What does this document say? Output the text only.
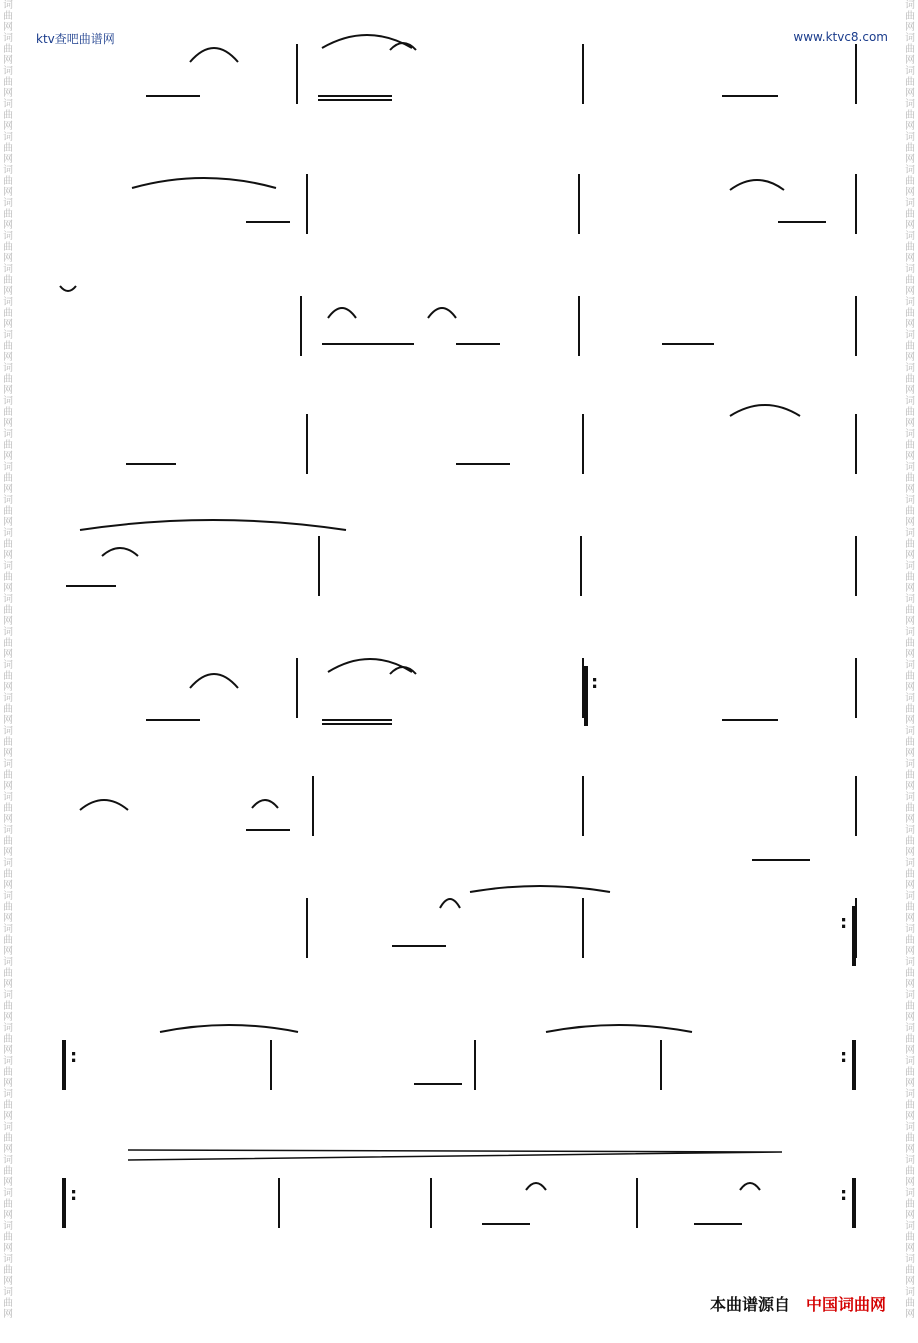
词曲网词曲网词曲网词曲网词曲网词曲网词曲网词曲网词曲网词曲网词曲网词曲网词曲网词曲网词曲网词曲网词曲网词曲网词曲网词曲网词曲网词曲网词曲网词曲网词曲网词曲网词曲网词曲网词曲网词曲网词曲网词曲网词曲网词曲网词曲网词曲网词曲网词曲网词曲网词曲网
词曲网词曲网词曲网词曲网词曲网词曲网词曲网词曲网词曲网词曲网词曲网词曲网词曲网词曲网词曲网词曲网词曲网词曲网词曲网词曲网词曲网词曲网词曲网词曲网词曲网词曲网词曲网词曲网词曲网词曲网词曲网词曲网词曲网词曲网词曲网词曲网词曲网词曲网词曲网词曲网
ktv查吧曲谱网	www.ktvc8.com
:
:
:	:
:	:
本曲谱源自 中国词曲网
